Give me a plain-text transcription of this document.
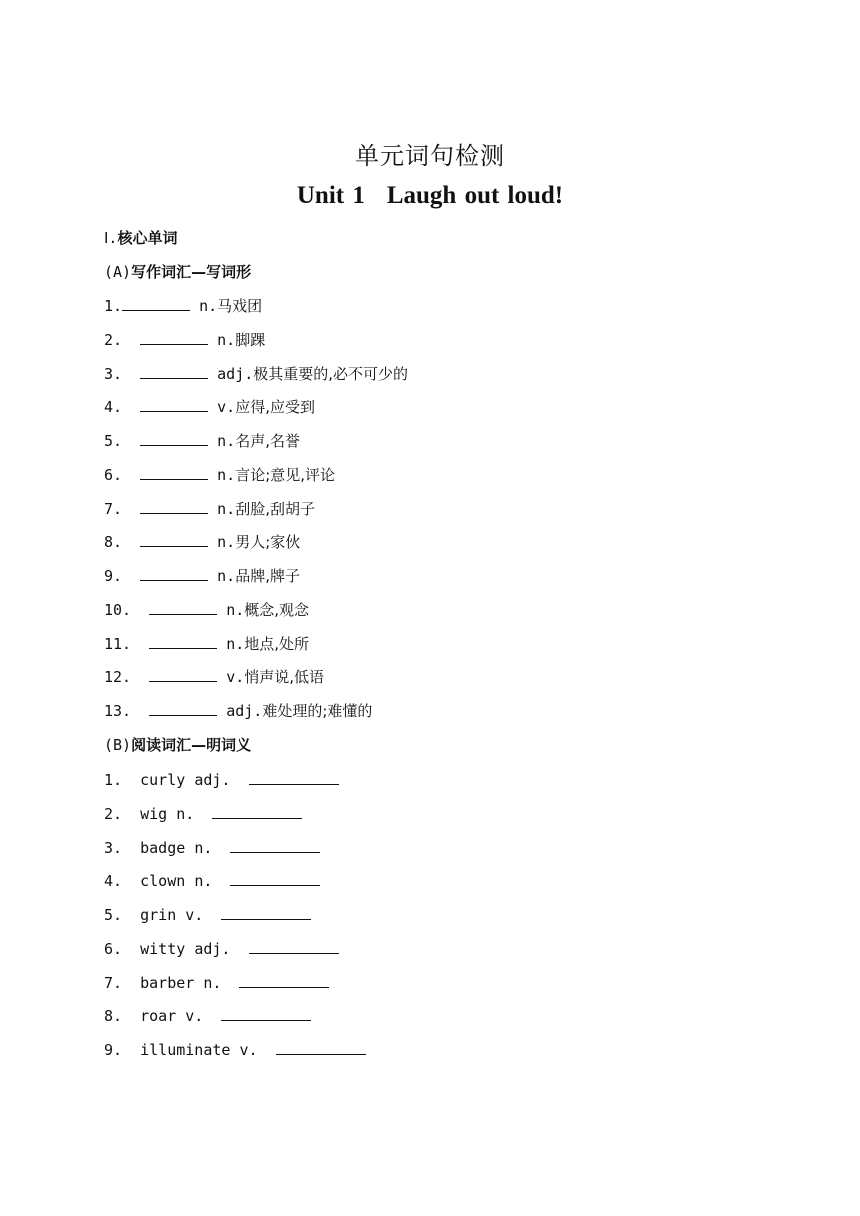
单元词句检测
Unit 1 Laugh out loud!
Ⅰ.核心单词
(A)写作词汇—写词形
1.	n.马戏团
2.	n.脚踝
3.	adj.极其重要的,必不可少的
4.	v.应得,应受到
5.	n.名声,名誉
6.	n.言论;意见,评论
7.	n.刮脸,刮胡子
8.	n.男人;家伙
9.	n.品牌,牌子
10.	n.概念,观念
11.	n.地点,处所
12.	v.悄声说,低语
13.	adj.难处理的;难懂的
(B)阅读词汇—明词义
1. curly adj.
2. wig n.
3. badge n.
4. clown n.
5. grin v.
6. witty adj.
7. barber n.
8. roar v.
9. illuminate v.
